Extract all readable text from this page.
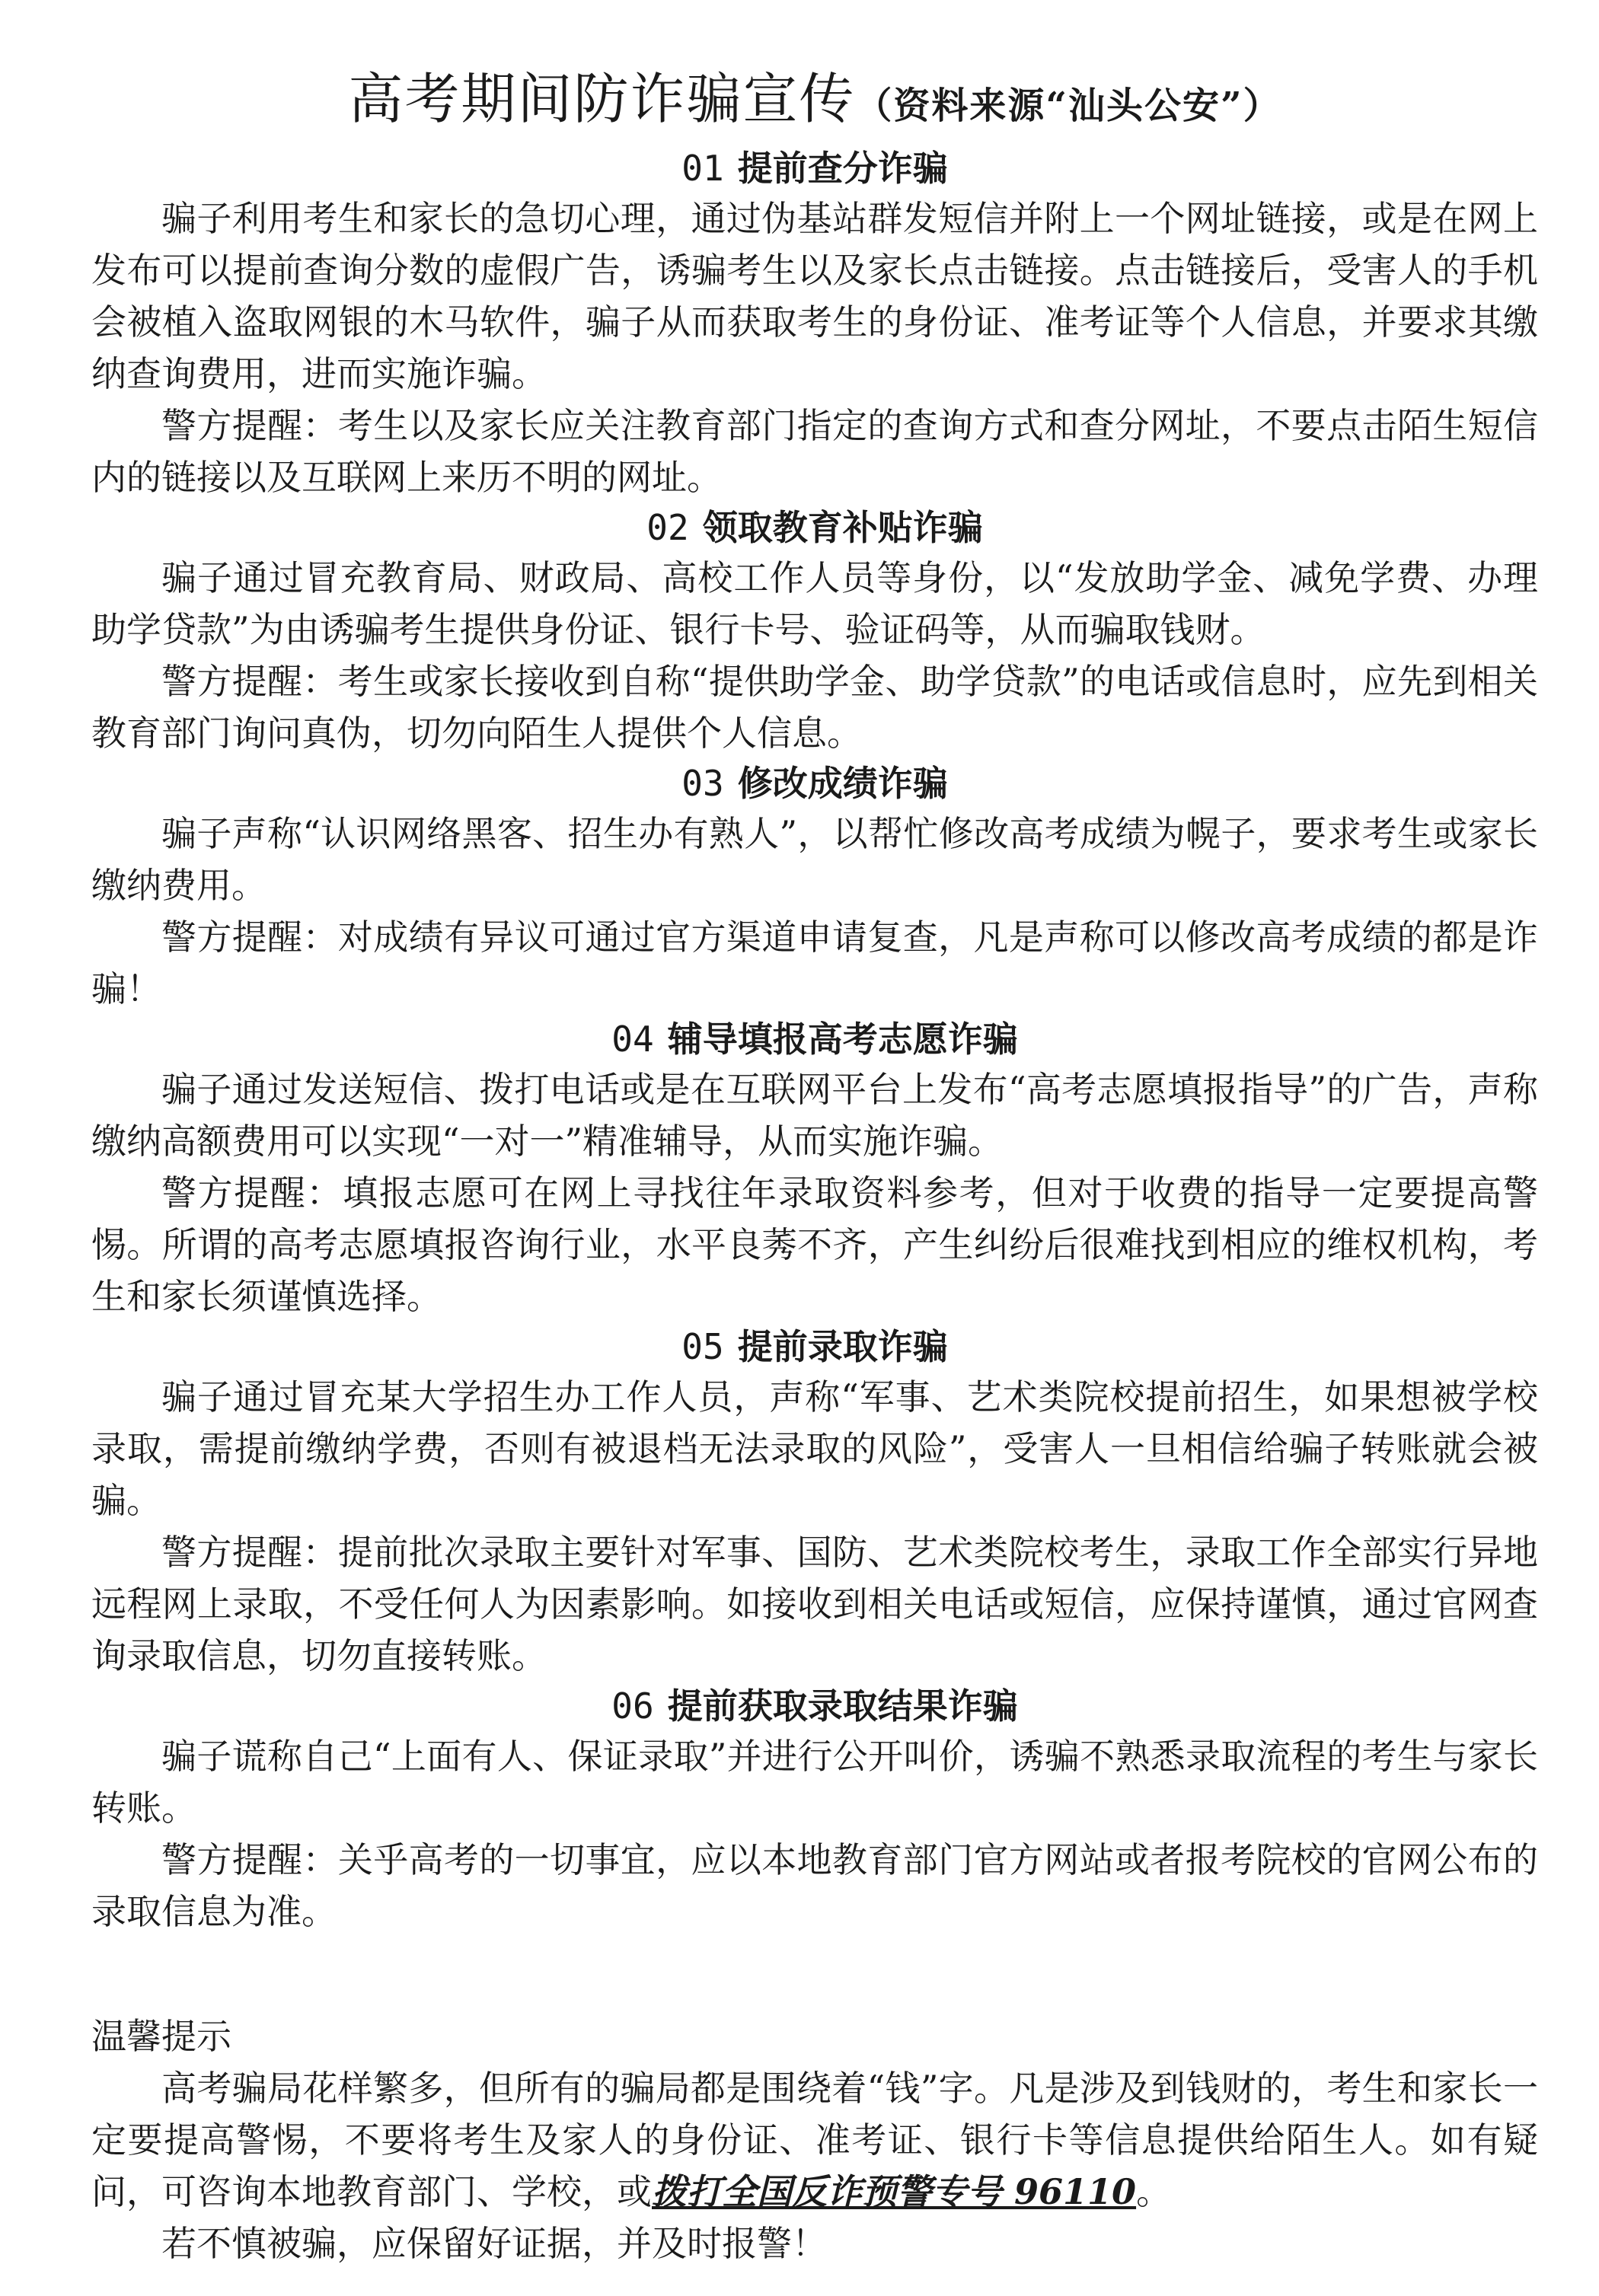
高考期间防诈骗宣传（资料来源“汕头公安”）
01 提前查分诈骗

骗子利用考生和家长的急切心理，通过伪基站群发短信并附上一个网址链接，或是在网上发布可以提前查询分数的虚假广告，诱骗考生以及家长点击链接。点击链接后，受害人的手机会被植入盗取网银的木马软件，骗子从而获取考生的身份证、准考证等个人信息，并要求其缴纳查询费用，进而实施诈骗。

警方提醒：考生以及家长应关注教育部门指定的查询方式和查分网址，不要点击陌生短信内的链接以及互联网上来历不明的网址。

02 领取教育补贴诈骗

骗子通过冒充教育局、财政局、高校工作人员等身份，以“发放助学金、减免学费、办理助学贷款”为由诱骗考生提供身份证、银行卡号、验证码等，从而骗取钱财。

警方提醒：考生或家长接收到自称“提供助学金、助学贷款”的电话或信息时，应先到相关教育部门询问真伪，切勿向陌生人提供个人信息。

03 修改成绩诈骗

骗子声称“认识网络黑客、招生办有熟人”，以帮忙修改高考成绩为幌子，要求考生或家长缴纳费用。

警方提醒：对成绩有异议可通过官方渠道申请复查，凡是声称可以修改高考成绩的都是诈骗！

04 辅导填报高考志愿诈骗

骗子通过发送短信、拨打电话或是在互联网平台上发布“高考志愿填报指导”的广告，声称缴纳高额费用可以实现“一对一”精准辅导，从而实施诈骗。

警方提醒：填报志愿可在网上寻找往年录取资料参考，但对于收费的指导一定要提高警惕。所谓的高考志愿填报咨询行业，水平良莠不齐，产生纠纷后很难找到相应的维权机构，考生和家长须谨慎选择。

05 提前录取诈骗

骗子通过冒充某大学招生办工作人员，声称“军事、艺术类院校提前招生，如果想被学校录取，需提前缴纳学费，否则有被退档无法录取的风险”，受害人一旦相信给骗子转账就会被骗。

警方提醒：提前批次录取主要针对军事、国防、艺术类院校考生，录取工作全部实行异地远程网上录取，不受任何人为因素影响。如接收到相关电话或短信，应保持谨慎，通过官网查询录取信息，切勿直接转账。

06 提前获取录取结果诈骗

骗子谎称自己“上面有人、保证录取”并进行公开叫价，诱骗不熟悉录取流程的考生与家长转账。

警方提醒：关乎高考的一切事宜，应以本地教育部门官方网站或者报考院校的官网公布的录取信息为准。

温馨提示

高考骗局花样繁多，但所有的骗局都是围绕着“钱”字。凡是涉及到钱财的，考生和家长一定要提高警惕，不要将考生及家人的身份证、准考证、银行卡等信息提供给陌生人。如有疑问，可咨询本地教育部门、学校，或拨打全国反诈预警专号 96110。

若不慎被骗，应保留好证据，并及时报警！
